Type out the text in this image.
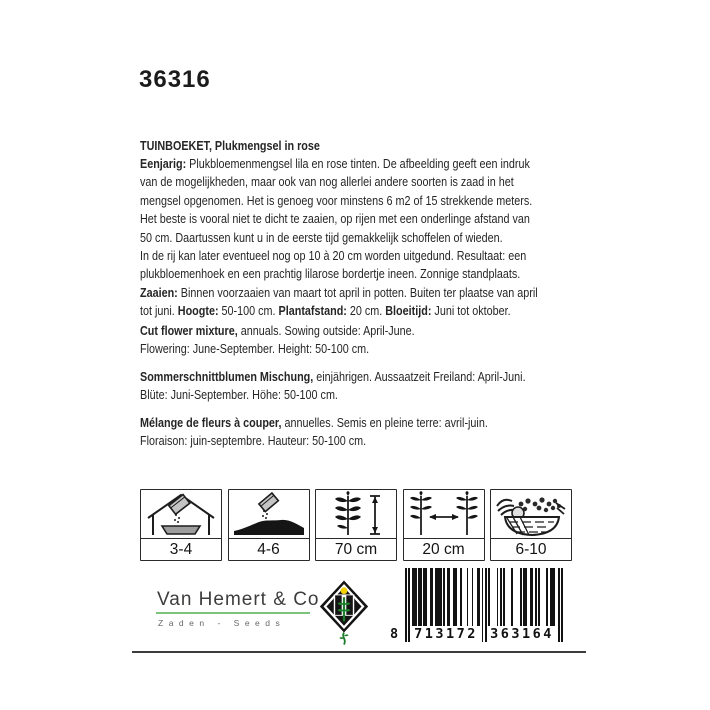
36316
TUINBOEKET, Plukmengsel in rose
Eenjarig: Plukbloemenmengsel lila en rose tinten. De afbeelding geeft een indruk
van de mogelijkheden, maar ook van nog allerlei andere soorten is zaad in het
mengsel opgenomen. Het is genoeg voor minstens 6 m2 of 15 strekkende meters.
Het beste is vooral niet te dicht te zaaien, op rijen met een onderlinge afstand van
50 cm. Daartussen kunt u in de eerste tijd gemakkelijk schoffelen of wieden.
In de rij kan later eventueel nog op 10 à 20 cm worden uitgedund. Resultaat: een
plukbloemenhoek en een prachtig lilarose bordertje ineen. Zonnige standplaats.
Zaaien: Binnen voorzaaien van maart tot april in potten. Buiten ter plaatse van april
tot juni. Hoogte: 50-100 cm. Plantafstand: 20 cm. Bloeitijd: Juni tot oktober.
Cut flower mixture, annuals. Sowing outside: April-June.
Flowering: June-September. Height: 50-100 cm.
Sommerschnittblumen Mischung, einjährigen. Aussaatzeit Freiland: April-Juni.
Blüte: Juni-September. Höhe: 50-100 cm.
Mélange de fleurs à couper, annuelles. Semis en pleine terre: avril-juin.
Floraison: juin-septembre. Hauteur: 50-100 cm.
3-4	4-6	70 cm	20 cm	6-10
Van Hemert & Co
Zaden - Seeds
8 713172 363164
